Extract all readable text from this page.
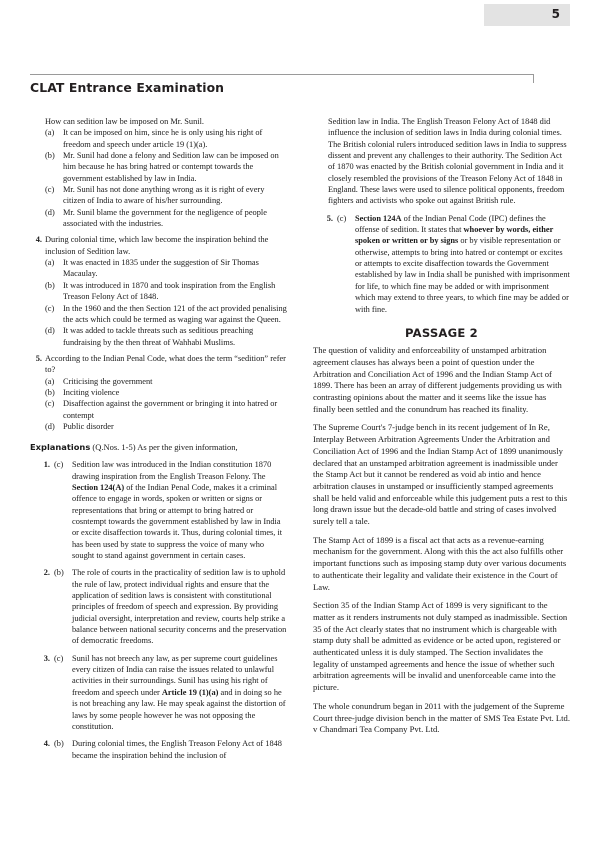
CLAT Entrance Examination
5
How can sedition law be imposed on Mr. Sunil.
(a)	It can be imposed on him, since he is only using his right of freedom and speech under article 19 (1)(a).
(b) Mr. Sunil had done a felony and Sedition law can be imposed on him because he has bring hatred or contempt towards the government established by law in India.
(c)	Mr. Sunil has not done anything wrong as it is right of every citizen of India to aware of his/her surrounding.
(d) Mr. Sunil blame the government for the negligence of people associated with the industries.
4. During colonial time, which law become the inspiration behind the inclusion of Sedition law.
(a)	It was enacted in 1835 under the suggestion of Sir Thomas Macaulay.
(b) It was introduced in 1870 and took inspiration from the English Treason Felony Act of 1848.
(c)	In the 1960 and the then Section 121 of the act provided penalising the acts which could be termed as waging war against the Queen.
(d) It was added to tackle threats such as seditious preaching fundraising by the then threat of Wahhabi Muslims.
5. According to the Indian Penal Code, what does the term “sedition” refer to?
(a)	Criticising the government
(b) Inciting violence
(c)	Disaffection against the government or bringing it into hatred or contempt
(d) Public disorder
Explanations (Q.Nos. 1-5) As per the given information,
1. (c)	Sedition law was introduced in the Indian constitution 1870 drawing inspiration from the English Treason Felony. The Section 124(A) of the Indian Penal Code, makes it a criminal offence to engage in words, spoken or written or signs or representations that bring or attempt to bring hatred or cosntempt towards the government established by law in India or excite disaffection towards it. Thus, during colonial times, it has been used by state to suppress the voice of many who sought to stand against government in certain cases.
2. (b) The role of courts in the practicality of sedition law is to uphold the rule of law, protect individual rights and ensure that the application of sedition laws is consistent with constitutional principles of freedom of speech and expression. By providing judicial oversight, interpretation and review, courts help strike a balance between national security concerns and the preservation of democratic freedoms.
3. (c)	Sunil has not breech any law, as per supreme court guidelines every citizen of India can raise the issues related to unlawful activities in their surroundings. Sunil has using his right of freedom and speech under Article 19 (1)(a) and in doing so he is not breaching any law. He may speak against the distortion of laws by some people however he was not opposing the constitution.
4. (b) During colonial times, the English Treason Felony Act of 1848 became the inspiration behind the inclusion of
Sedition law in India. The English Treason Felony Act of 1848 did influence the inclusion of sedition laws in India during colonial times. The British colonial rulers introduced sedition laws in India to suppress dissent and prevent any challenges to their authority. The Sedition Act of 1870 was enacted by the British colonial government in India and it closely resembled the provisions of the Treason Felony Act of 1848 in England. These laws were used to silence political opponents, freedom fighters and activists who spoke out against British rule.
5. (c)	Section 124A of the Indian Penal Code (IPC) defines the offense of sedition. It states that whoever by words, either spoken or written or by signs or by visible representation or otherwise, attempts to bring into hatred or contempt or excites or attempts to excite disaffection towards the Government established by law in India shall be punished with imprisonment for life, to which fine may be added or with imprisonment which may extend to three years, to which fine may be added or with fine.
PASSAGE 2
The question of validity and enforceability of unstamped arbitration agreement clauses has always been a point of question under the Arbitration and Conciliation Act of 1996 and the Indian Stamp Act of 1899. There has been an array of different judgements providing us with contrasting opinions about the matter and it seems like the issue has finally been settled and the conundrum has reached its finality.
The Supreme Court's 7-judge bench in its recent judgement of In Re, Interplay Between Arbitration Agreements Under the Arbitration and Conciliation Act of 1996 and the Indian Stamp Act of 1899 unanimously declared that an unstamped arbitration agreement is inadmissible under the Stamp Act but it cannot be rendered as void ab intio and hence arbitration clauses in unstamped or insufficiently stamped agreements shall be held valid and enforceable while this judgement puts a rest to this long drawn issue but the decade-old battle and string of cases involved surely tell a tale.
The Stamp Act of 1899 is a fiscal act that acts as a revenue-earning mechanism for the government. Along with this the act also fulfills other important functions such as imposing stamp duty over various documents to authenticate their legality and validate their existence in the Court of Law.
Section 35 of the Indian Stamp Act of 1899 is very significant to the matter as it renders instruments not duly stamped as inadmissible. Section 35 of the Act clearly states that no instrument which is chargeable with stamp duty shall be admitted as evidence or be acted upon, registered or authenticated unless it is duly stamped. The Section invalidates the legality of unstamped agreements and hence the issue of whether such arbitration agreements will be invalid and unenforceable came into the picture.
The whole conundrum began in 2011 with the judgement of the Supreme Court three-judge division bench in the matter of SMS Tea Estate Pvt. Ltd. v Chandmari Tea Company Pvt. Ltd.
